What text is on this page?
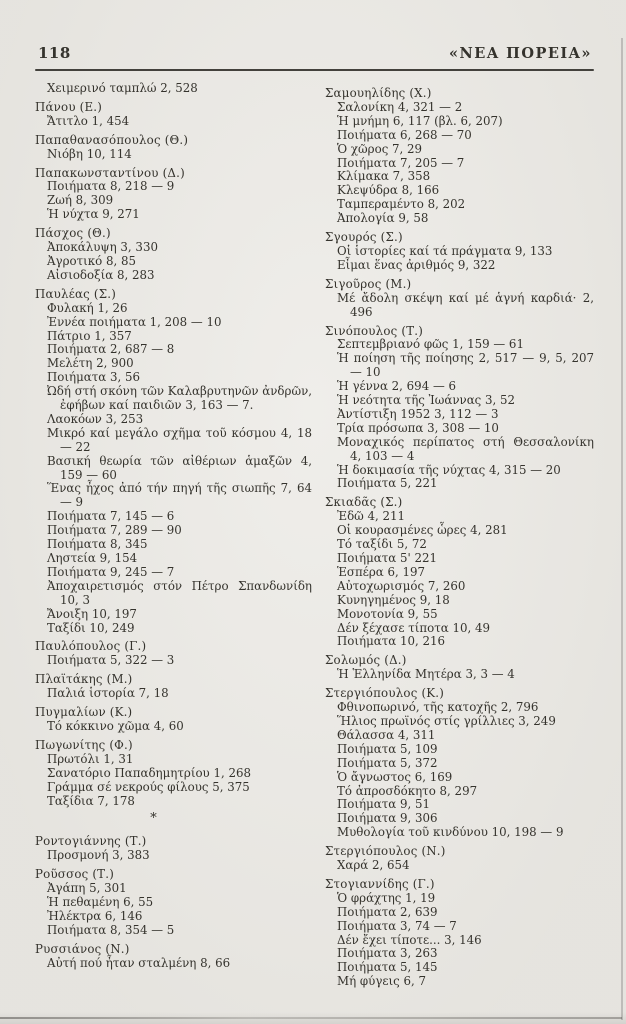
118	«ΝΕΑ ΠΟΡΕΙΑ»
Χειμερινό ταμπλώ 2, 528
Πάνου (Ε.)
Ἄτιτλο 1, 454
Παπαθανασόπουλος (Θ.)
Νιόβη 10, 114
Παπακωνσταντίνου (Δ.)
Ποιήματα 8, 218 — 9
Ζωή 8, 309
Ἡ νύχτα 9, 271
Πάσχος (Θ.)
Ἀποκάλυψη 3, 330
Ἀγροτικό 8, 85
Αἰσιοδοξία 8, 283
Παυλέας (Σ.)
Φυλακή 1, 26
Ἐννέα ποιήματα 1, 208 — 10
Πάτριο 1, 357
Ποιήματα 2, 687 — 8
Μελέτη 2, 900
Ποιήματα 3, 56
Ὠδή στή σκόνη τῶν Καλαβρυτηνῶν ἀνδρῶν, ἐφήβων καί παιδιῶν 3, 163 — 7.
Λαοκόων 3, 253
Μικρό καί μεγάλο σχῆμα τοῦ κόσμου 4, 18 — 22
Βασική θεωρία τῶν αἰθέριων ἁμαξῶν 4, 159 — 60
Ἕνας ἦχος ἀπό τήν πηγή τῆς σιωπῆς 7, 64 — 9
Ποιήματα 7, 145 — 6
Ποιήματα 7, 289 — 90
Ποιήματα 8, 345
Ληστεία 9, 154
Ποιήματα 9, 245 — 7
Ἀποχαιρετισμός στόν Πέτρο Σπανδωνίδη 10, 3
Ἄνοιξη 10, 197
Ταξίδι 10, 249
Παυλόπουλος (Γ.)
Ποιήματα 5, 322 — 3
Πλαϊτάκης (Μ.)
Παλιά ἱστορία 7, 18
Πυγμαλίων (Κ.)
Τό κόκκινο χῶμα 4, 60
Πωγωνίτης (Φ.)
Πρωτόλι 1, 31
Σανατόριο Παπαδημητρίου 1, 268
Γράμμα σέ νεκρούς φίλους 5, 375
Ταξίδια 7, 178
*
Ροντογιάννης (Τ.)
Προσμονή 3, 383
Ροῦσσος (Τ.)
Ἀγάπη 5, 301
Ἡ πεθαμένη 6, 55
Ἠλέκτρα 6, 146
Ποιήματα 8, 354 — 5
Ρυσσιάνος (Ν.)
Αὐτή πού ἦταν σταλμένη 8, 66
Σαμουηλίδης (Χ.)
Σαλονίκη 4, 321 — 2
Ἡ μνήμη 6, 117 (βλ. 6, 207)
Ποιήματα 6, 268 — 70
Ὁ χῶρος 7, 29
Ποιήματα 7, 205 — 7
Κλίμακα 7, 358
Κλεψύδρα 8, 166
Ταμπεραμέντο 8, 202
Ἀπολογία 9, 58
Σγουρός (Σ.)
Οἱ ἱστορίες καί τά πράγματα 9, 133
Εἶμαι ἕνας ἀριθμός 9, 322
Σιγοῦρος (Μ.)
Μέ ἄδολη σκέψη καί μέ ἁγνή καρδιά· 2, 496
Σινόπουλος (Τ.)
Σεπτεμβριανό φῶς 1, 159 — 61
Ἡ ποίηση τῆς ποίησης 2, 517 — 9, 5, 207 — 10
Ἡ γέννα 2, 694 — 6
Ἡ νεότητα τῆς Ἰωάννας 3, 52
Ἀντίστιξη 1952 3, 112 — 3
Τρία πρόσωπα 3, 308 — 10
Μοναχικός περίπατος στή Θεσσαλονίκη 4, 103 — 4
Ἡ δοκιμασία τῆς νύχτας 4, 315 — 20
Ποιήματα 5, 221
Σκιαδᾶς (Σ.)
Ἐδῶ 4, 211
Οἱ κουρασμένες ὧρες 4, 281
Τό ταξίδι 5, 72
Ποιήματα 5' 221
Ἑσπέρα 6, 197
Αὐτοχωρισμός 7, 260
Κυνηγημένος 9, 18
Μονοτονία 9, 55
Δέν ξέχασε τίποτα 10, 49
Ποιήματα 10, 216
Σολωμός (Δ.)
Ἡ Ἑλληνίδα Μητέρα 3, 3 — 4
Στεργιόπουλος (Κ.)
Φθινοπωρινό, τῆς κατοχῆς 2, 796
Ἥλιος πρωϊνός στίς γρίλλιες 3, 249
Θάλασσα 4, 311
Ποιήματα 5, 109
Ποιήματα 5, 372
Ὁ ἄγνωστος 6, 169
Τό ἀπροσδόκητο 8, 297
Ποιήματα 9, 51
Ποιήματα 9, 306
Μυθολογία τοῦ κινδύνου 10, 198 — 9
Στεργιόπουλος (Ν.)
Χαρά 2, 654
Στογιαννίδης (Γ.)
Ὁ φράχτης 1, 19
Ποιήματα 2, 639
Ποιήματα 3, 74 — 7
Δέν ἔχει τίποτε... 3, 146
Ποιήματα 3, 263
Ποιήματα 5, 145
Μή φύγεις 6, 7
